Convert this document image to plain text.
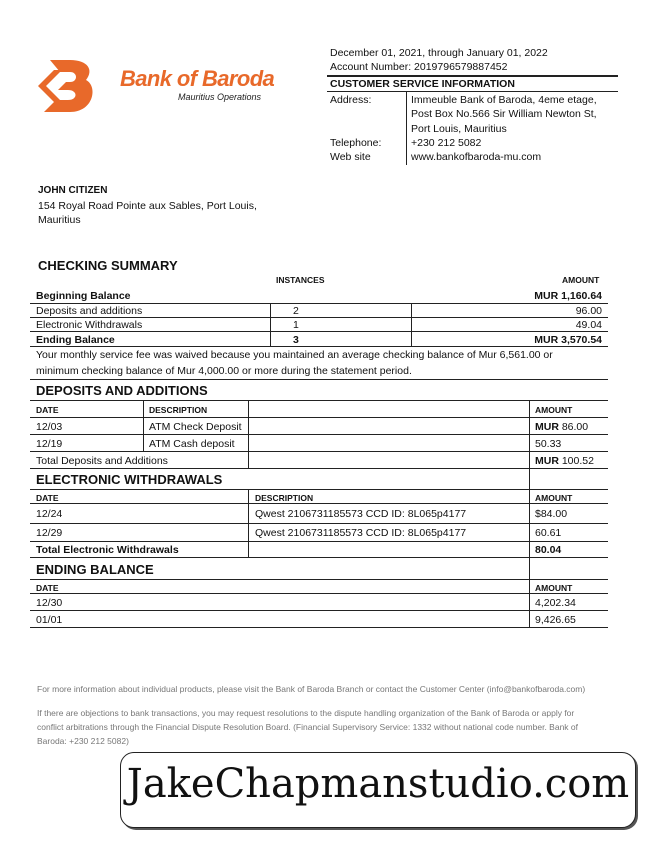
Bank of Baroda
Mauritius Operations
December 01, 2021, through January 01, 2022
Account Number: 2019796579887452
CUSTOMER SERVICE INFORMATION
Address:	Immeuble Bank of Baroda, 4eme etage,
Post Box No.566 Sir William Newton St,
Port Louis, Mauritius
Telephone:	+230 212 5082
Web site	www.bankofbaroda-mu.com
JOHN CITIZEN
154 Royal Road Pointe aux Sables, Port Louis,
Mauritius
CHECKING SUMMARY
INSTANCES	AMOUNT
Beginning Balance	MUR 1,160.64
Deposits and additions	2	96.00
Electronic Withdrawals	1	49.04
Ending Balance	3	MUR 3,570.54
Your monthly service fee was waived because you maintained an average checking balance of Mur 6,561.00 or
minimum checking balance of Mur 4,000.00 or more during the statement period.
DEPOSITS AND ADDITIONS
DATE	DESCRIPTION	AMOUNT
12/03	ATM Check Deposit	MUR 86.00
12/19	ATM Cash deposit	50.33
Total Deposits and Additions	MUR 100.52
ELECTRONIC WITHDRAWALS
DATE	DESCRIPTION	AMOUNT
12/24	Qwest 2106731185573 CCD ID: 8L065p4177	$84.00
12/29	Qwest 2106731185573 CCD ID: 8L065p4177	60.61
Total Electronic Withdrawals	80.04
ENDING BALANCE
DATE	AMOUNT
12/30	4,202.34
01/01	9,426.65
For more information about individual products, please visit the Bank of Baroda Branch or contact the Customer Center (info@bankofbaroda.com)
If there are objections to bank transactions, you may request resolutions to the dispute handling organization of the Bank of Baroda or apply for
conflict arbitrations through the Financial Dispute Resolution Board. (Financial Supervisory Service: 1332 without national code number. Bank of
Baroda: +230 212 5082)
JakeChapmanstudio.com
